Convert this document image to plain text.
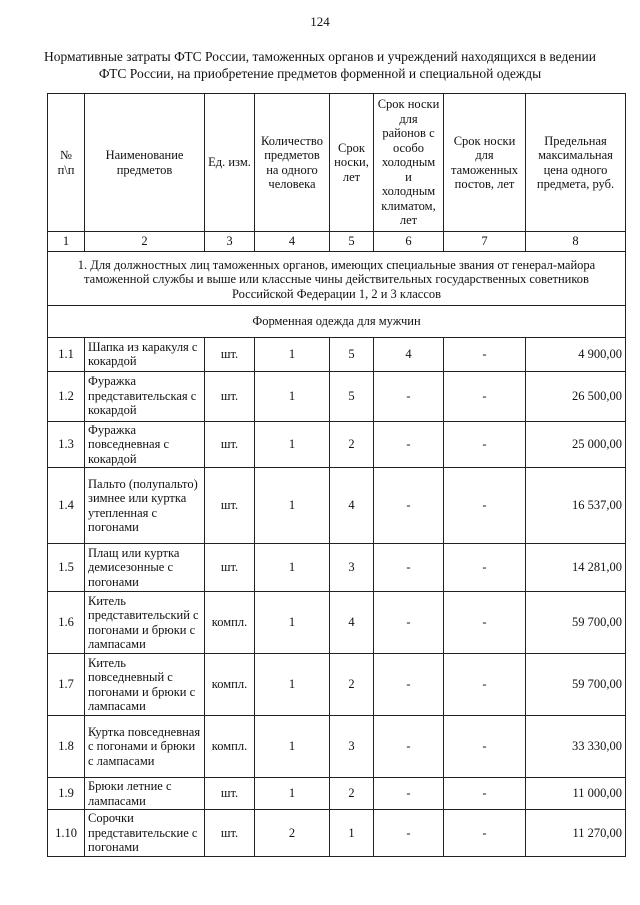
124
Нормативные затраты ФТС России, таможенных органов и учреждений находящихся в ведении
ФТС России, на приобретение предметов форменной и специальной одежды
№ п\п	Наименование предметов	Ед. изм.	Количество предметов на одного человека	Срок носки, лет	Срок носки для районов с особо холодным и холодным климатом, лет	Срок носки для таможенных постов, лет	Предельная максимальная цена одного предмета, руб.
1	2	3	4	5	6	7	8
1. Для должностных лиц таможенных органов, имеющих специальные звания от генерал-майора таможенной службы и выше или классные чины действительных государственных советников Российской Федерации 1, 2 и 3 классов							
Форменная одежда для мужчин							
1.1	Шапка из каракуля с кокардой	шт.	1	5	4	-	4 900,00
1.2	Фуражка представительская с кокардой	шт.	1	5	-	-	26 500,00
1.3	Фуражка повседневная с кокардой	шт.	1	2	-	-	25 000,00
1.4	Пальто (полупальто) зимнее или куртка утепленная с погонами	шт.	1	4	-	-	16 537,00
1.5	Плащ или куртка демисезонные с погонами	шт.	1	3	-	-	14 281,00
1.6	Китель представительский с погонами и брюки с лампасами	компл.	1	4	-	-	59 700,00
1.7	Китель повседневный с погонами и брюки с лампасами	компл.	1	2	-	-	59 700,00
1.8	Куртка повседневная с погонами и брюки с лампасами	компл.	1	3	-	-	33 330,00
1.9	Брюки летние с лампасами	шт.	1	2	-	-	11 000,00
1.10	Сорочки представительские с погонами	шт.	2	1	-	-	11 270,00
